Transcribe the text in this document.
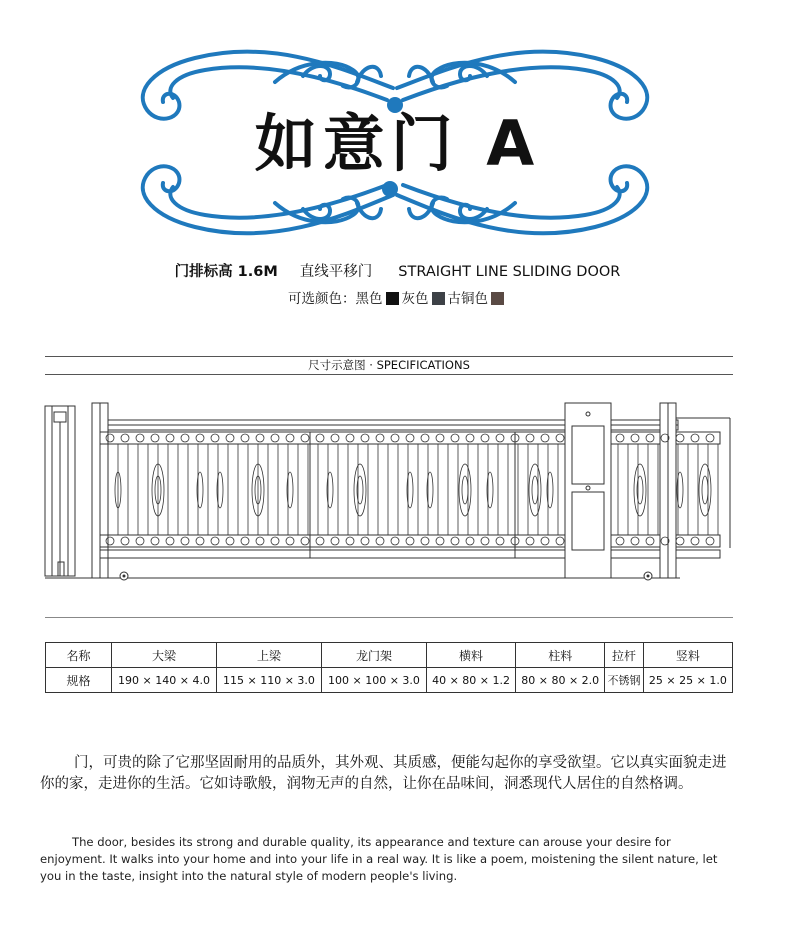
如意门 A
门排标高 1.6M 直线平移门 STRAIGHT LINE SLIDING DOOR
可选颜色：黑色 灰色 古铜色
尺寸示意图 · SPECIFICATIONS
名称	大梁	上梁	龙门架	横料	柱料	拉杆	竖料
规格	190 × 140 × 4.0	115 × 110 × 3.0	100 × 100 × 3.0	40 × 80 × 1.2	80 × 80 × 2.0	不锈钢	25 × 25 × 1.0
门，可贵的除了它那坚固耐用的品质外，其外观、其质感，便能勾起你的享受欲望。它以真实面貌走进你的家，走进你的生活。它如诗歌般，润物无声的自然，让你在品味间，洞悉现代人居住的自然格调。
The door, besides its strong and durable quality, its appearance and texture can arouse your desire for enjoyment. It walks into your home and into your life in a real way. It is like a poem, moistening the silent nature, let you in the taste, insight into the natural style of modern people's living.
